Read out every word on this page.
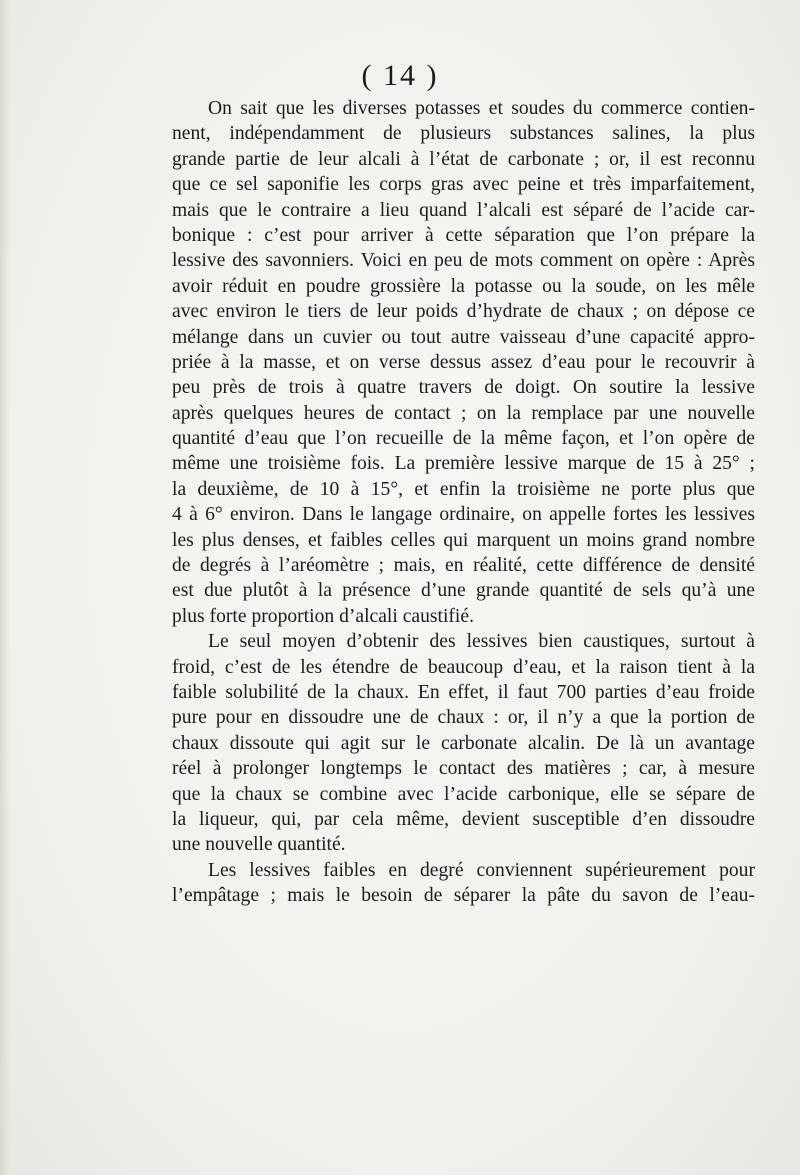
( 14 )
On sait que les diverses potasses et soudes du commerce contien-
nent, indépendamment de plusieurs substances salines, la plus
grande partie de leur alcali à l’état de carbonate ; or, il est reconnu
que ce sel saponifie les corps gras avec peine et très imparfaitement,
mais que le contraire a lieu quand l’alcali est séparé de l’acide car-
bonique : c’est pour arriver à cette séparation que l’on prépare la
lessive des savonniers. Voici en peu de mots comment on opère : Après
avoir réduit en poudre grossière la potasse ou la soude, on les mêle
avec environ le tiers de leur poids d’hydrate de chaux ; on dépose ce
mélange dans un cuvier ou tout autre vaisseau d’une capacité appro-
priée à la masse, et on verse dessus assez d’eau pour le recouvrir à
peu près de trois à quatre travers de doigt. On soutire la lessive
après quelques heures de contact ; on la remplace par une nouvelle
quantité d’eau que l’on recueille de la même façon, et l’on opère de
même une troisième fois. La première lessive marque de 15 à 25° ;
la deuxième, de 10 à 15°, et enfin la troisième ne porte plus que
4 à 6° environ. Dans le langage ordinaire, on appelle fortes les lessives
les plus denses, et faibles celles qui marquent un moins grand nombre
de degrés à l’aréomètre ; mais, en réalité, cette différence de densité
est due plutôt à la présence d’une grande quantité de sels qu’à une
plus forte proportion d’alcali caustifié.
Le seul moyen d’obtenir des lessives bien caustiques, surtout à
froid, c’est de les étendre de beaucoup d’eau, et la raison tient à la
faible solubilité de la chaux. En effet, il faut 700 parties d’eau froide
pure pour en dissoudre une de chaux : or, il n’y a que la portion de
chaux dissoute qui agit sur le carbonate alcalin. De là un avantage
réel à prolonger longtemps le contact des matières ; car, à mesure
que la chaux se combine avec l’acide carbonique, elle se sépare de
la liqueur, qui, par cela même, devient susceptible d’en dissoudre
une nouvelle quantité.
Les lessives faibles en degré conviennent supérieurement pour
l’empâtage ; mais le besoin de séparer la pâte du savon de l’eau-
